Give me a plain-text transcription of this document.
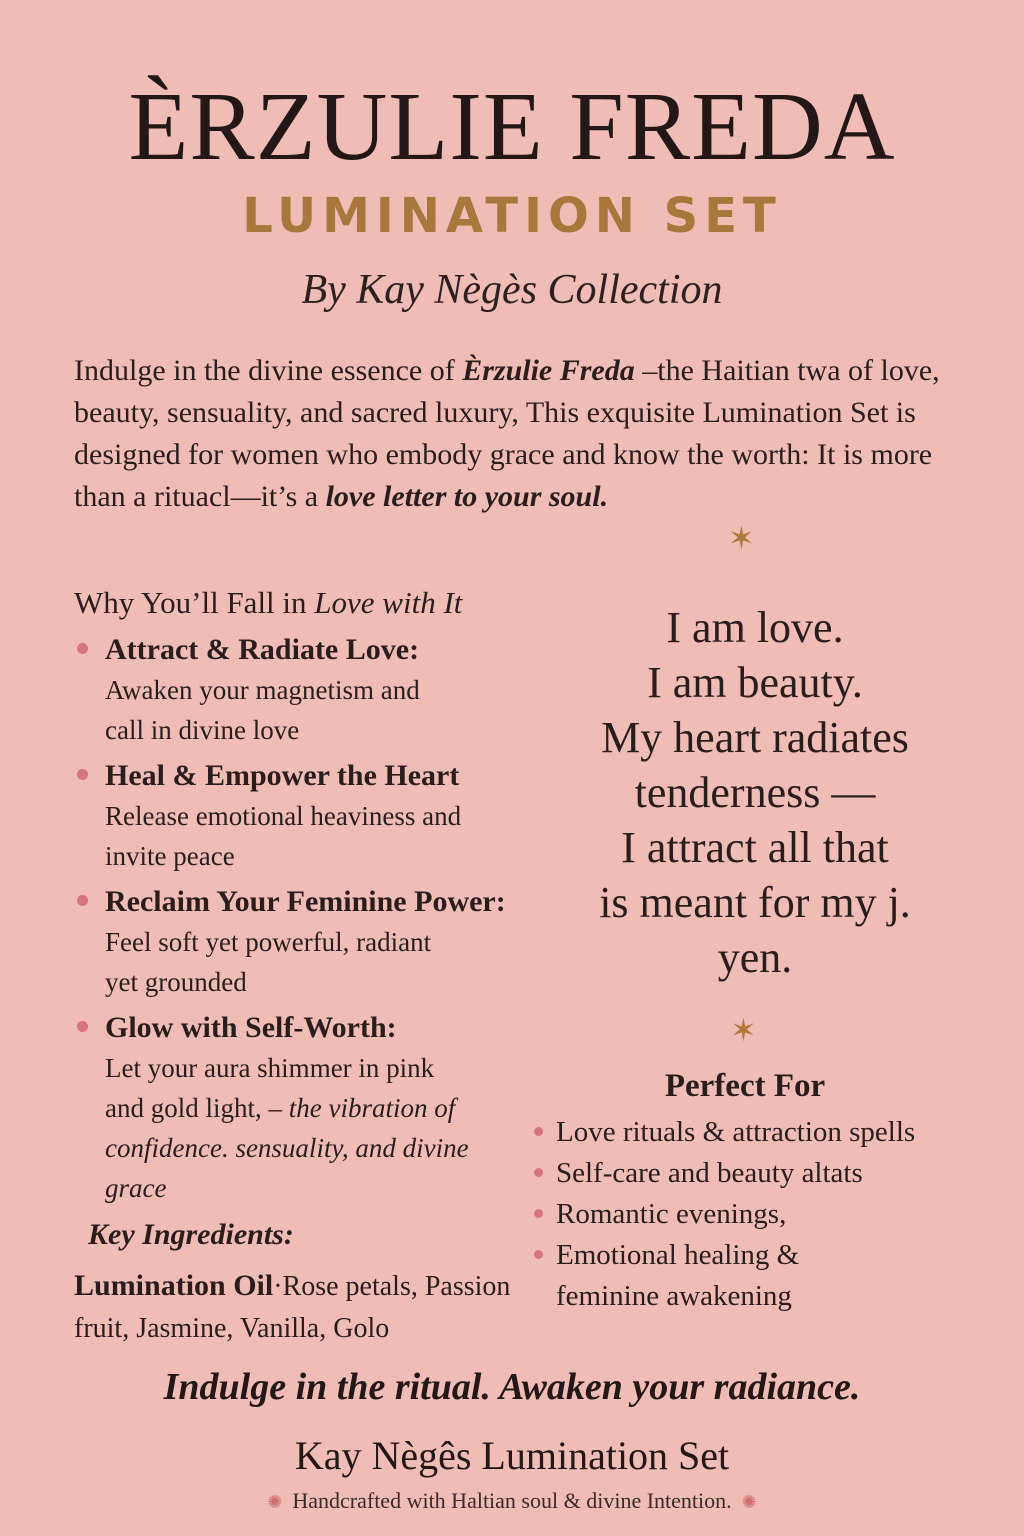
ÈRZULIE FREDA
LUMINATION SET
By Kay Nègès Collection
Indulge in the divine essence of Èrzulie Freda –the Haitian twa of love, beauty, sensuality, and sacred luxury, This exquisite Lumination Set is designed for women who embody grace and know the worth: It is more than a rituacl—it’s a love letter to your soul.
✶
Why You’ll Fall in Love with It
Attract & Radiate Love:
Awaken your magnetism and call in divine love
Heal & Empower the Heart
Release emotional heaviness and invite peace
Reclaim Your Feminine Power:
Feel soft yet powerful, radiant yet grounded
Glow with Self-Worth:
Let your aura shimmer in pink and gold light, – the vibration of confidence. sensuality, and divine grace
I am love.
I am beauty.
My heart radiates
tenderness —
I attract all that
is meant for my j.
yen.
✶
Perfect For
Love rituals & attraction spells
Self-care and beauty altats
Romantic evenings,
Emotional healing & feminine awakening
Key Ingredients:
Lumination Oil·Rose petals, Passion fruit, Jasmine, Vanilla, Golo
Indulge in the ritual. Awaken your radiance.
Kay Nègês Lumination Set
✺ Handcrafted with Haltian soul & divine Intention. ✺
